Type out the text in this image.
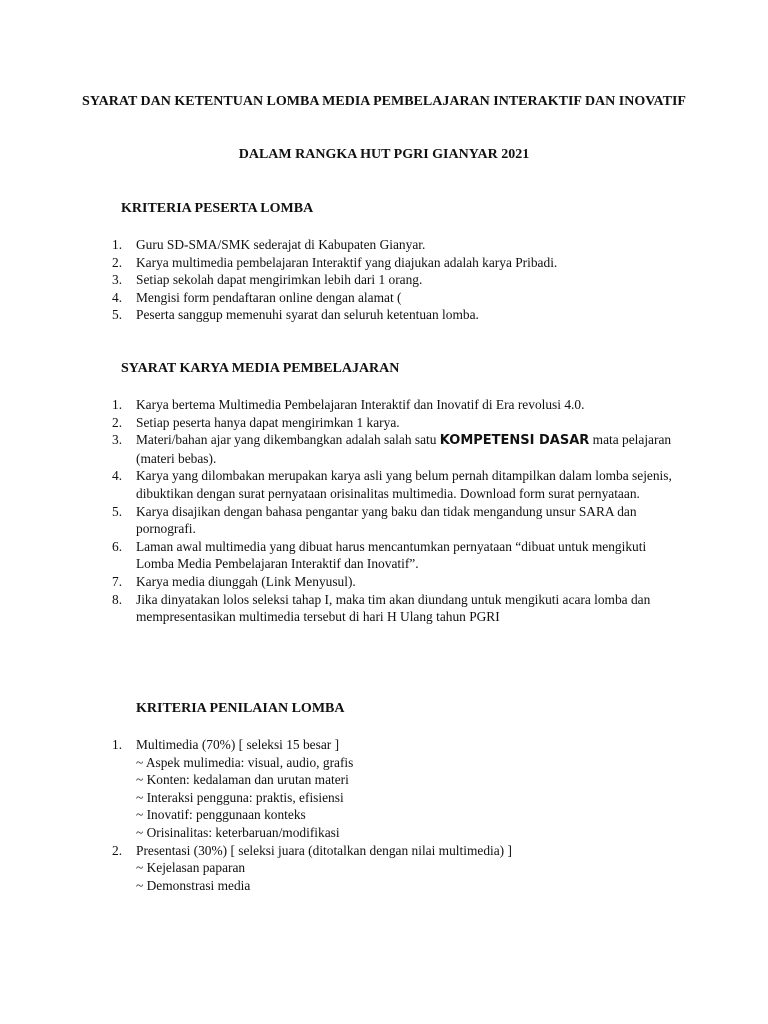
SYARAT DAN KETENTUAN LOMBA MEDIA PEMBELAJARAN INTERAKTIF DAN INOVATIF
DALAM RANGKA HUT PGRI GIANYAR 2021
KRITERIA PESERTA LOMBA
1. Guru SD-SMA/SMK sederajat di Kabupaten Gianyar.
2. Karya multimedia pembelajaran Interaktif yang diajukan adalah karya Pribadi.
3. Setiap sekolah dapat mengirimkan lebih dari 1 orang.
4. Mengisi form pendaftaran online dengan alamat (
5. Peserta sanggup memenuhi syarat dan seluruh ketentuan lomba.
SYARAT KARYA MEDIA PEMBELAJARAN
1. Karya bertema Multimedia Pembelajaran Interaktif dan Inovatif di Era revolusi 4.0.
2. Setiap peserta hanya dapat mengirimkan 1 karya.
3. Materi/bahan ajar yang dikembangkan adalah salah satu KOMPETENSI DASAR mata pelajaran (materi bebas).
4. Karya yang dilombakan merupakan karya asli yang belum pernah ditampilkan dalam lomba sejenis, dibuktikan dengan surat pernyataan orisinalitas multimedia. Download form surat pernyataan.
5. Karya disajikan dengan bahasa pengantar yang baku dan tidak mengandung unsur SARA dan pornografi.
6. Laman awal multimedia yang dibuat harus mencantumkan pernyataan “dibuat untuk mengikuti Lomba Media Pembelajaran Interaktif dan Inovatif”.
7. Karya media diunggah (Link Menyusul).
8. Jika dinyatakan lolos seleksi tahap I, maka tim akan diundang untuk mengikuti acara lomba dan mempresentasikan multimedia tersebut di hari H Ulang tahun PGRI
KRITERIA PENILAIAN LOMBA
1. Multimedia (70%) [ seleksi 15 besar ]
~ Aspek mulimedia: visual, audio, grafis
~ Konten: kedalaman dan urutan materi
~ Interaksi pengguna: praktis, efisiensi
~ Inovatif: penggunaan konteks
~ Orisinalitas: keterbaruan/modifikasi
2. Presentasi (30%) [ seleksi juara (ditotalkan dengan nilai multimedia) ]
~ Kejelasan paparan
~ Demonstrasi media
